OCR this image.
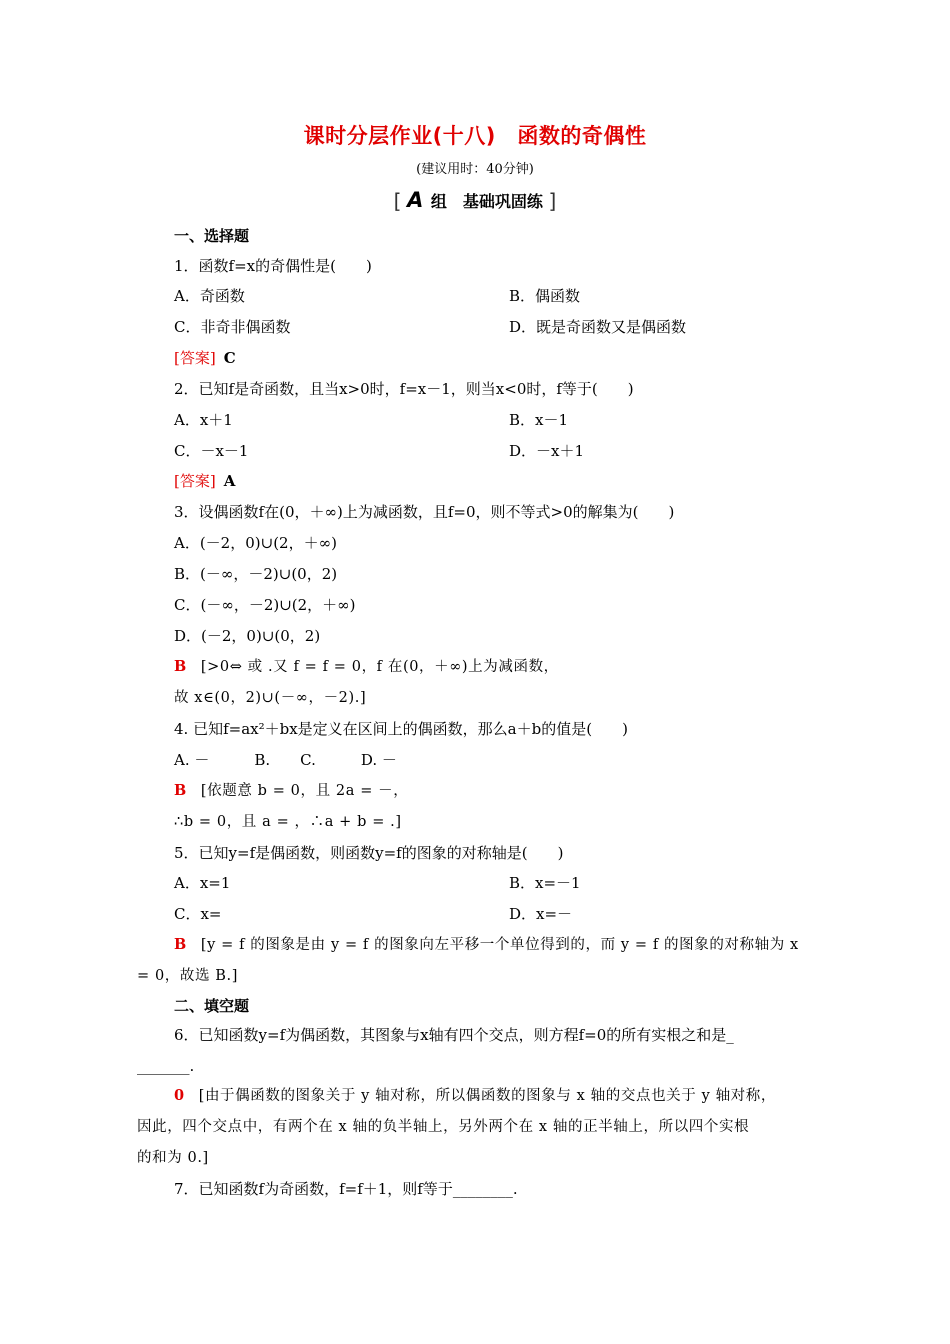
课时分层作业(十八)　函数的奇偶性
(建议用时：40分钟)
[ A 组　基础巩固练 ]
一、选择题
1．函数f=x的奇偶性是(　　)
A．奇函数	B．偶函数
C．非奇非偶函数	D．既是奇函数又是偶函数
[答案] C
2．已知f是奇函数，且当x>0时，f=x－1，则当x<0时，f等于(　　)
A．x＋1	B．x－1
C．－x－1	D．－x＋1
[答案] A
3．设偶函数f在(0，＋∞)上为减函数，且f=0，则不等式>0的解集为(　　)
A．(－2，0)∪(2，＋∞)
B．(－∞，－2)∪(0，2)
C．(－∞，－2)∪(2，＋∞)
D．(－2，0)∪(0，2)
B [>0⇔ 或 .又 f = f = 0，f 在(0，＋∞)上为减函数，
故 x∈(0，2)∪(－∞，－2).]
4. 已知f=ax²＋bx是定义在区间上的偶函数，那么a＋b的值是(　　)
A. －　　　B.　　C.　　　D. －
B [依题意 b = 0，且 2a = －，
∴b = 0，且 a = ，∴a + b = .]
5．已知y=f是偶函数，则函数y=f的图象的对称轴是(　　)
A．x=1	B．x=－1
C．x=	D．x=－
B [y = f 的图象是由 y = f 的图象向左平移一个单位得到的，而 y = f 的图象的对称轴为 x
= 0，故选 B.]
二、填空题
6．已知函数y=f为偶函数，其图象与x轴有四个交点，则方程f=0的所有实根之和是_
_______.
0 [由于偶函数的图象关于 y 轴对称，所以偶函数的图象与 x 轴的交点也关于 y 轴对称，
因此，四个交点中，有两个在 x 轴的负半轴上，另外两个在 x 轴的正半轴上，所以四个实根
的和为 0.]
7．已知函数f为奇函数，f=f＋1，则f等于________.
